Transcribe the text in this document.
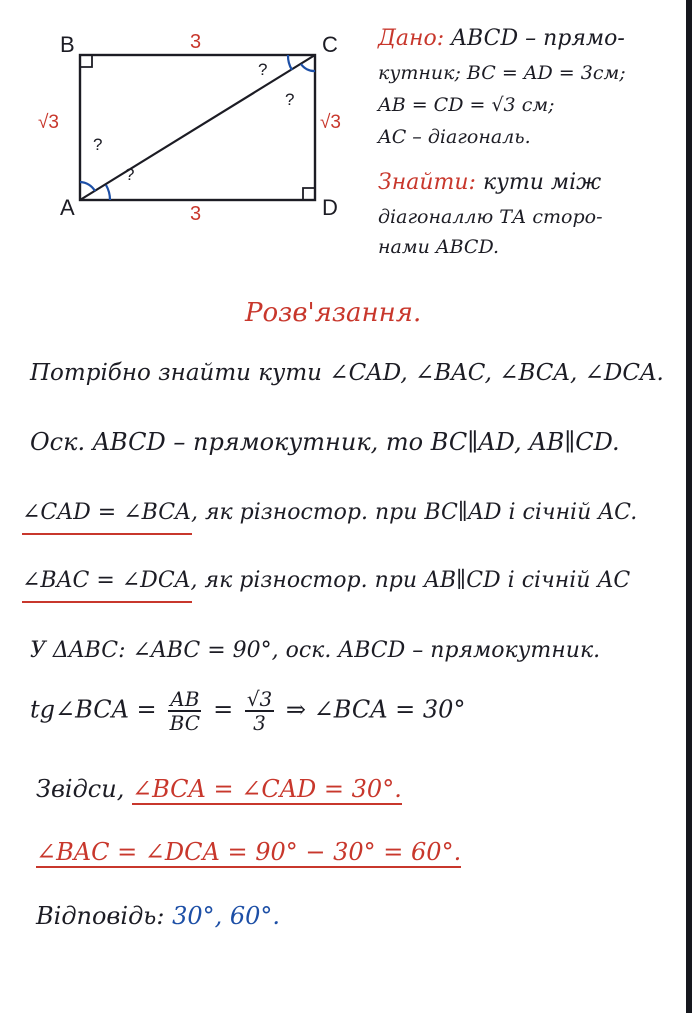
B	C
A	D
3
3
√3	√3
?
?
?
?
Дано: ABCD – прямо-
кутник; BC = AD = 3см;
AB = CD = √3 см;
AC – діагональ.
Знайти: кути між
діагоналлю ТА сторо-
нами ABCD.
Розв'язання.
Потрібно знайти кути ∠CAD, ∠BAC, ∠BCA, ∠DCA.
Оск. ABCD – прямокутник, то BC∥AD, AB∥CD.
∠CAD = ∠BCA, як різностор. при BC∥AD і січній AC.
∠BAC = ∠DCA, як різностор. при AB∥CD і січній AC
У ΔABC: ∠ABC = 90°, оск. ABCD – прямокутник.
tg∠BCA = $\frac{AB}{BC} = \frac{√3}{3}$ ⇒ ∠BCA = 30°
Звідси, ∠BCA = ∠CAD = 30°.
∠BAC = ∠DCA = 90° − 30° = 60°.
Відповідь: 30°, 60°.
